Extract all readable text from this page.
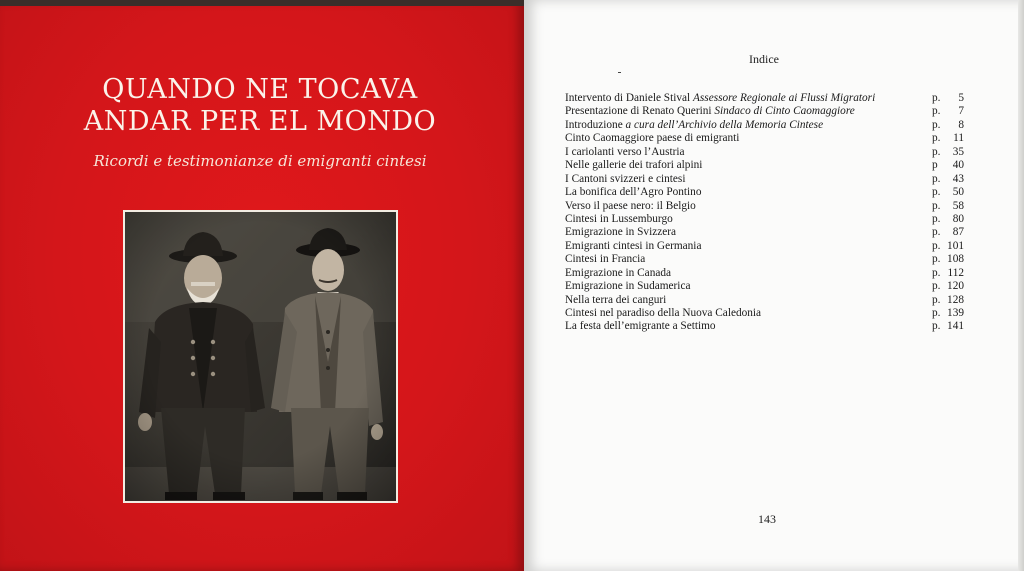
QUANDO NE TOCAVA
ANDAR PER EL MONDO
Ricordi e testimonianze di emigranti cintesi
Indice
Intervento di Daniele Stival Assessore Regionale ai Flussi Migratori	p. 5
Presentazione di Renato Querini Sindaco di Cinto Caomaggiore	p. 7
Introduzione a cura dell’Archivio della Memoria Cintese	p. 8
Cinto Caomaggiore paese di emigranti	p. 11
I cariolanti verso l’Austria	p. 35
Nelle gallerie dei trafori alpini	p 40
I Cantoni svizzeri e cintesi	p. 43
La bonifica dell’Agro Pontino	p. 50
Verso il paese nero: il Belgio	p. 58
Cintesi in Lussemburgo	p. 80
Emigrazione in Svizzera	p. 87
Emigranti cintesi in Germania	p. 101
Cintesi in Francia	p. 108
Emigrazione in Canada	p. 112
Emigrazione in Sudamerica	p. 120
Nella terra dei canguri	p. 128
Cintesi nel paradiso della Nuova Caledonia	p. 139
La festa dell’emigrante a Settimo	p. 141
143
